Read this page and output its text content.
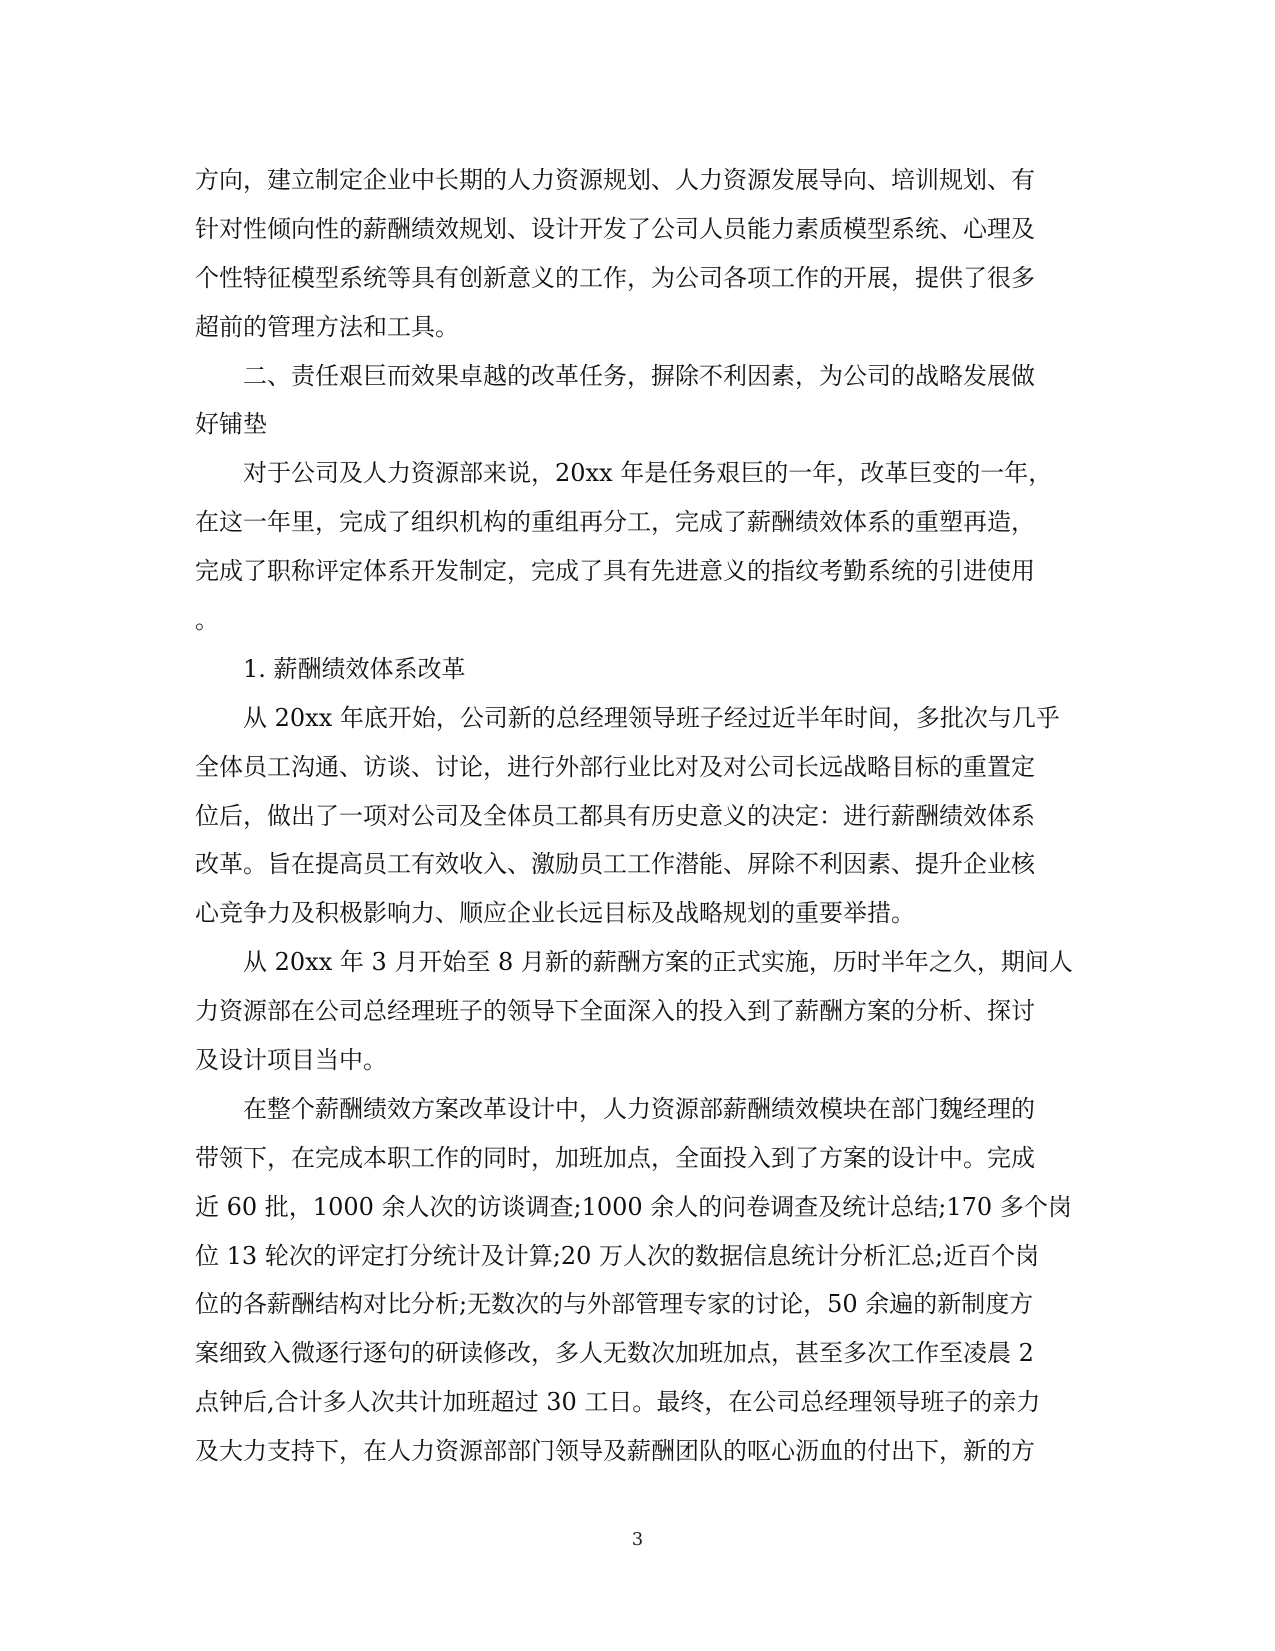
方向，建立制定企业中长期的人力资源规划、人力资源发展导向、培训规划、有
针对性倾向性的薪酬绩效规划、设计开发了公司人员能力素质模型系统、心理及
个性特征模型系统等具有创新意义的工作，为公司各项工作的开展，提供了很多
超前的管理方法和工具。
二、责任艰巨而效果卓越的改革任务，摒除不利因素，为公司的战略发展做
好铺垫
对于公司及人力资源部来说，20xx 年是任务艰巨的一年，改革巨变的一年，
在这一年里，完成了组织机构的重组再分工，完成了薪酬绩效体系的重塑再造，
完成了职称评定体系开发制定，完成了具有先进意义的指纹考勤系统的引进使用
。
1. 薪酬绩效体系改革
从 20xx 年底开始，公司新的总经理领导班子经过近半年时间，多批次与几乎
全体员工沟通、访谈、讨论，进行外部行业比对及对公司长远战略目标的重置定
位后，做出了一项对公司及全体员工都具有历史意义的决定：进行薪酬绩效体系
改革。旨在提高员工有效收入、激励员工工作潜能、屏除不利因素、提升企业核
心竞争力及积极影响力、顺应企业长远目标及战略规划的重要举措。
从 20xx 年 3 月开始至 8 月新的薪酬方案的正式实施，历时半年之久，期间人
力资源部在公司总经理班子的领导下全面深入的投入到了薪酬方案的分析、探讨
及设计项目当中。
在整个薪酬绩效方案改革设计中，人力资源部薪酬绩效模块在部门魏经理的
带领下，在完成本职工作的同时，加班加点，全面投入到了方案的设计中。完成
近 60 批，1000 余人次的访谈调查;1000 余人的问卷调查及统计总结;170 多个岗
位 13 轮次的评定打分统计及计算;20 万人次的数据信息统计分析汇总;近百个岗
位的各薪酬结构对比分析;无数次的与外部管理专家的讨论，50 余遍的新制度方
案细致入微逐行逐句的研读修改，多人无数次加班加点，甚至多次工作至凌晨 2
点钟后,合计多人次共计加班超过 30 工日。最终，在公司总经理领导班子的亲力
及大力支持下，在人力资源部部门领导及薪酬团队的呕心沥血的付出下，新的方
3
